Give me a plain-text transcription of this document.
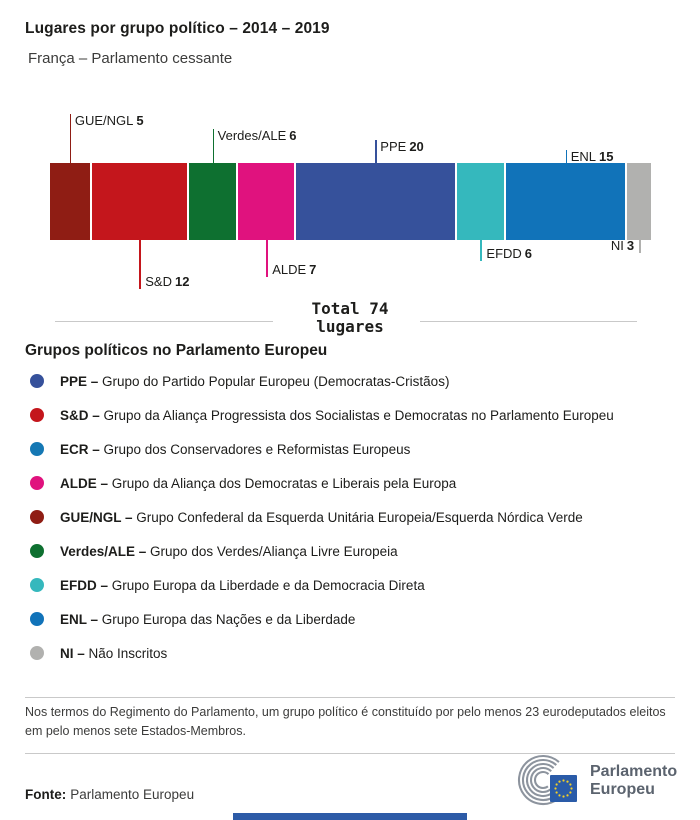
Lugares por grupo político – 2014 – 2019
França – Parlamento cessante
GUE/NGL 5
S&D 12
Verdes/ALE 6
ALDE 7
PPE 20
EFDD 6
ENL 15
NI 3
Total 74
lugares
Grupos políticos no Parlamento Europeu
PPE – Grupo do Partido Popular Europeu (Democratas-Cristãos)
S&D – Grupo da Aliança Progressista dos Socialistas e Democratas no Parlamento Europeu
ECR – Grupo dos Conservadores e Reformistas Europeus
ALDE – Grupo da Aliança dos Democratas e Liberais pela Europa
GUE/NGL – Grupo Confederal da Esquerda Unitária Europeia/Esquerda Nórdica Verde
Verdes/ALE – Grupo dos Verdes/Aliança Livre Europeia
EFDD – Grupo Europa da Liberdade e da Democracia Direta
ENL – Grupo Europa das Nações e da Liberdade
NI – Não Inscritos
Nos termos do Regimento do Parlamento, um grupo político é constituído por pelo menos 23 eurodeputados eleitos em pelo menos sete Estados-Membros.
Fonte: Parlamento Europeu
Parlamento
Europeu
